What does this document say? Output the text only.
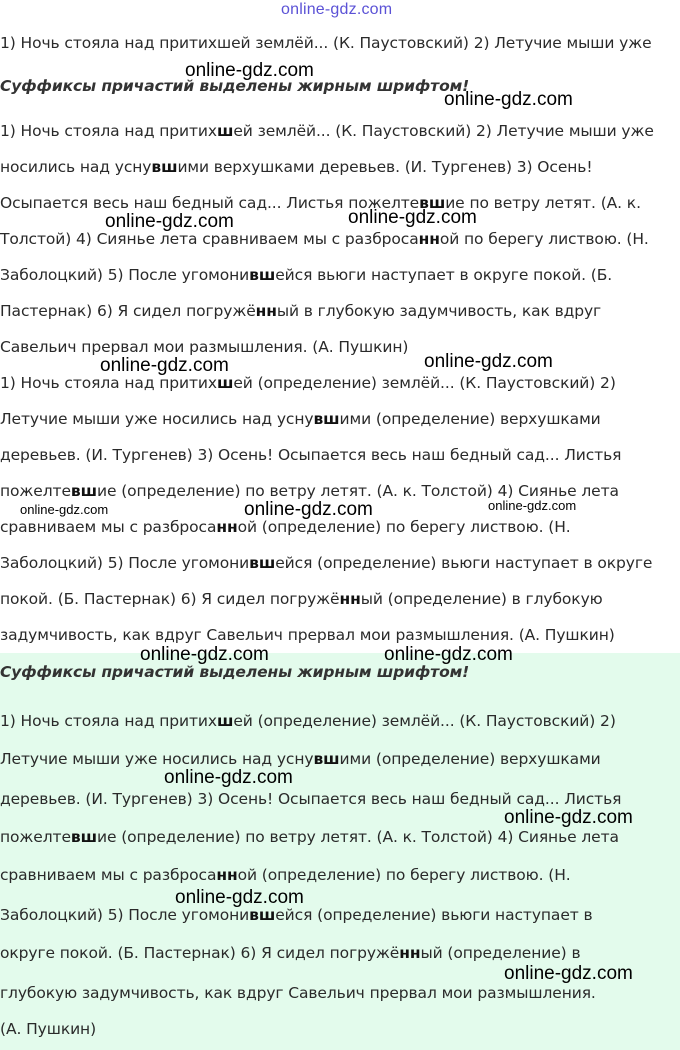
online-gdz.com
1) Ночь стояла над притихшей землёй... (К. Паустовский) 2) Летучие мыши уже
Суффиксы причастий выделены жирным шрифтом!
1) Ночь стояла над притихшей землёй... (К. Паустовский) 2) Летучие мыши уже
носились над уснувшими верхушками деревьев. (И. Тургенев) 3) Осень!
Осыпается весь наш бедный сад... Листья пожелтевшие по ветру летят. (А. к.
Толстой) 4) Сиянье лета сравниваем мы с разбросанной по берегу листвою. (Н.
Заболоцкий) 5) После угомонившейся вьюги наступает в округе покой. (Б.
Пастернак) 6) Я сидел погружённый в глубокую задумчивость, как вдруг
Савельич прервал мои размышления. (А. Пушкин)
1) Ночь стояла над притихшей (определение) землёй... (К. Паустовский) 2)
Летучие мыши уже носились над уснувшими (определение) верхушками
деревьев. (И. Тургенев) 3) Осень! Осыпается весь наш бедный сад... Листья
пожелтевшие (определение) по ветру летят. (А. к. Толстой) 4) Сиянье лета
сравниваем мы с разбросанной (определение) по берегу листвою. (Н.
Заболоцкий) 5) После угомонившейся (определение) вьюги наступает в округе
покой. (Б. Пастернак) 6) Я сидел погружённый (определение) в глубокую
задумчивость, как вдруг Савельич прервал мои размышления. (А. Пушкин)
Суффиксы причастий выделены жирным шрифтом!
1) Ночь стояла над притихшей (определение) землёй... (К. Паустовский) 2)
Летучие мыши уже носились над уснувшими (определение) верхушками
деревьев. (И. Тургенев) 3) Осень! Осыпается весь наш бедный сад... Листья
пожелтевшие (определение) по ветру летят. (А. к. Толстой) 4) Сиянье лета
сравниваем мы с разбросанной (определение) по берегу листвою. (Н.
Заболоцкий) 5) После угомонившейся (определение) вьюги наступает в
округе покой. (Б. Пастернак) 6) Я сидел погружённый (определение) в
глубокую задумчивость, как вдруг Савельич прервал мои размышления.
(А. Пушкин)
online-gdz.com
online-gdz.com
online-gdz.com	online-gdz.com
online-gdz.com	online-gdz.com
online-gdz.com
online-gdz.com	online-gdz.com
online-gdz.com	online-gdz.com
online-gdz.com
online-gdz.com
online-gdz.com
online-gdz.com
